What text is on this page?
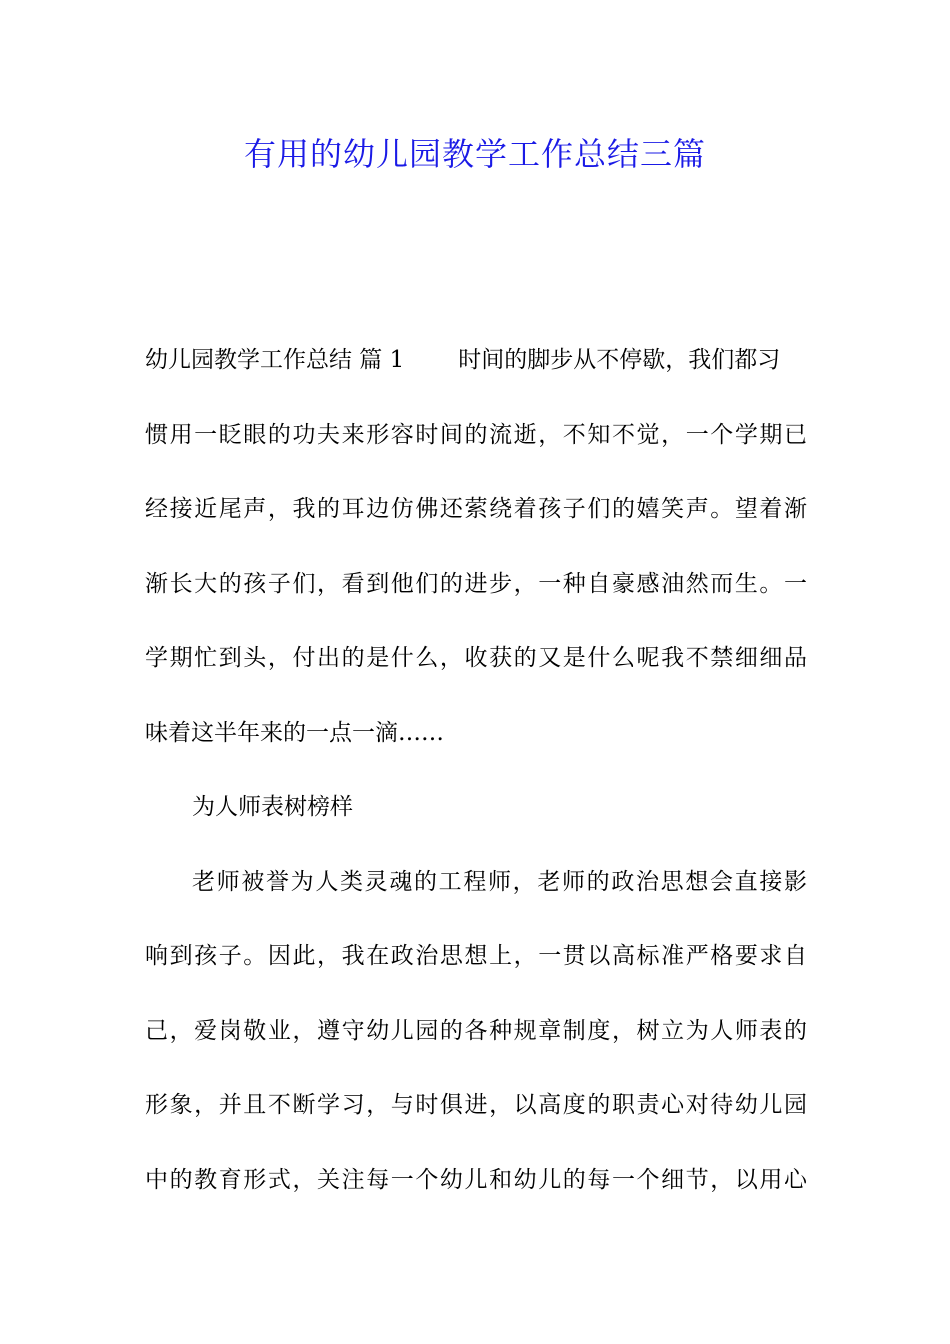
有用的幼儿园教学工作总结三篇
幼儿园教学工作总结 篇 1 时间的脚步从不停歇，我们都习
惯用一眨眼的功夫来形容时间的流逝，不知不觉，一个学期已
经接近尾声，我的耳边仿佛还萦绕着孩子们的嬉笑声。望着渐
渐长大的孩子们，看到他们的进步，一种自豪感油然而生。一
学期忙到头，付出的是什么，收获的又是什么呢我不禁细细品
味着这半年来的一点一滴……
为人师表树榜样
老师被誉为人类灵魂的工程师，老师的政治思想会直接影
响到孩子。因此，我在政治思想上，一贯以高标准严格要求自
己，爱岗敬业，遵守幼儿园的各种规章制度，树立为人师表的
形象，并且不断学习，与时俱进，以高度的职责心对待幼儿园
中的教育形式，关注每一个幼儿和幼儿的每一个细节，以用心
